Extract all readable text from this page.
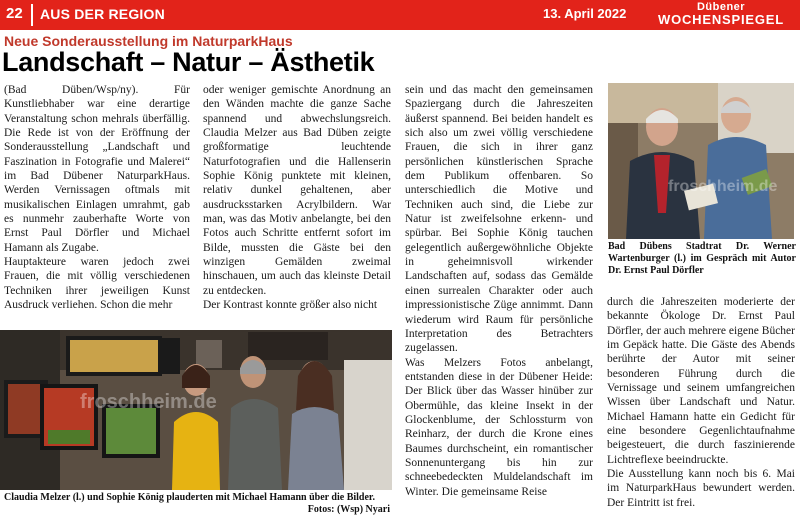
22 AUS DER REGION	13. April 2022	Dübener
WOCHENSPIEGEL
Neue Sonderausstellung im NaturparkHaus
Landschaft – Natur – Ästhetik
(Bad Düben/Wsp/ny). Für Kunstliebhaber war eine derartige Veranstaltung schon mehrals überfällig. Die Rede ist von der Eröffnung der Sonderausstellung „Landschaft und Faszination in Fotografie und Malerei“ im Bad Dübener NaturparkHaus. Werden Vernissagen oftmals mit musikalischen Einlagen umrahmt, gab es nunmehr zauberhafte Worte von Ernst Paul Dörfler und Michael Hamann als Zugabe.
Hauptakteure waren jedoch zwei Frauen, die mit völlig verschiedenen Techniken ihrer jeweiligen Kunst Ausdruck verliehen. Schon die mehr
oder weniger gemischte Anordnung an den Wänden machte die ganze Sache spannend und abwechslungsreich. Claudia Melzer aus Bad Düben zeigte großformatige leuchtende Naturfotografien und die Hallenserin Sophie König punktete mit kleinen, relativ dunkel gehaltenen, aber ausdrucksstarken Acrylbildern. War man, was das Motiv anbelangte, bei den Fotos auch Schritte entfernt sofort im Bilde, mussten die Gäste bei den winzigen Gemälden zweimal hinschauen, um auch das kleinste Detail zu entdecken.
Der Kontrast konnte größer also nicht
sein und das macht den gemeinsamen Spaziergang durch die Jahreszeiten äußerst spannend. Bei beiden handelt es sich also um zwei völlig verschiedene Frauen, die sich in ihrer ganz persönlichen künstlerischen Sprache dem Publikum offenbaren. So unterschiedlich die Motive und Techniken auch sind, die Liebe zur Natur ist zweifelsohne erkenn- und spürbar. Bei Sophie König tauchen gelegentlich außergewöhnliche Objekte in geheimnisvoll wirkender Landschaften auf, sodass das Gemälde einen surrealen Charakter oder auch impressionistische Züge annimmt. Dann wiederum wird Raum für persönliche Interpretation des Betrachters zugelassen.
Was Melzers Fotos anbelangt, entstanden diese in der Dübener Heide: Der Blick über das Wasser hinüber zur Obermühle, das kleine Insekt in der Glockenblume, der Schlossturm von Reinharz, der durch die Krone eines Baumes durchscheint, ein romantischer Sonnenuntergang bis hin zur schneebedeckten Muldelandschaft im Winter. Die gemeinsame Reise
durch die Jahreszeiten moderierte der bekannte Ökologe Dr. Ernst Paul Dörfler, der auch mehrere eigene Bücher im Gepäck hatte. Die Gäste des Abends berührte der Autor mit seiner besonderen Führung durch die Vernissage und seinem umfangreichen Wissen über Landschaft und Natur. Michael Hamann hatte ein Gedicht für eine besondere Gegenlichtaufnahme beigesteuert, die durch faszinierende Lichtreflexe beeindruckte.
Die Ausstellung kann noch bis 6. Mai im NaturparkHaus bewundert werden. Der Eintritt ist frei.
froschheim.de
Claudia Melzer (l.) und Sophie König plauderten mit Michael Hamann über die Bilder.
Fotos: (Wsp) Nyari
froschheim.de
Bad Dübens Stadtrat Dr. Werner Wartenburger (l.) im Gespräch mit Autor Dr. Ernst Paul Dörfler
